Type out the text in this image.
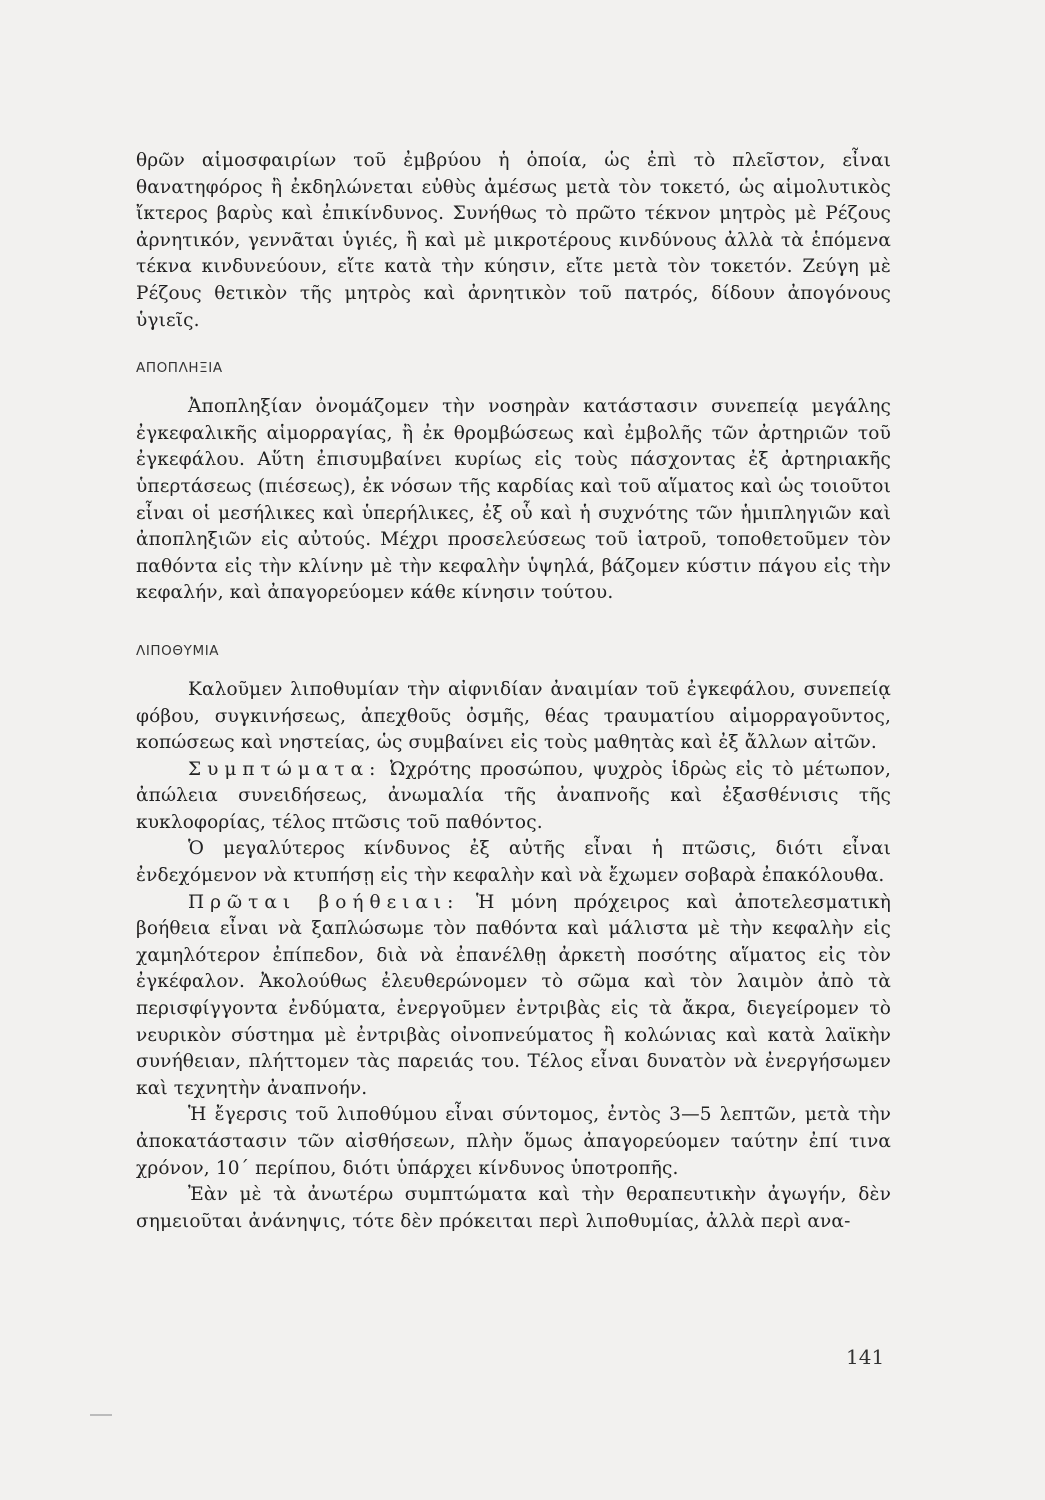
θρῶν αἱμοσφαιρίων τοῦ ἐμβρύου ἡ ὁποία, ὡς ἐπὶ τὸ πλεῖστον, εἶναι θανατηφόρος ἢ ἐκδηλώνεται εὐθὺς ἀμέσως μετὰ τὸν τοκετό, ὡς αἱμολυτικὸς ἴκτερος βαρὺς καὶ ἐπικίνδυνος. Συνήθως τὸ πρῶτο τέκνον μητρὸς μὲ Ρέζους ἀρνητικόν, γεννᾶται ὑγιές, ἢ καὶ μὲ μικροτέρους κινδύνους ἀλλὰ τὰ ἑπόμενα τέκνα κινδυνεύουν, εἴτε κατὰ τὴν κύησιν, εἴτε μετὰ τὸν τοκετόν. Ζεύγη μὲ Ρέζους θετικὸν τῆς μητρὸς καὶ ἀρνητικὸν τοῦ πατρός, δίδουν ἀπογόνους ὑγιεῖς.

ΑΠΟΠΛΗΞΙΑ

Ἀποπληξίαν ὀνομάζομεν τὴν νοσηρὰν κατάστασιν συνεπείᾳ μεγάλης ἐγκεφαλικῆς αἱμορραγίας, ἢ ἐκ θρομβώσεως καὶ ἐμβολῆς τῶν ἀρτηριῶν τοῦ ἐγκεφάλου. Αὕτη ἐπισυμβαίνει κυρίως εἰς τοὺς πάσχοντας ἐξ ἀρτηριακῆς ὑπερτάσεως (πιέσεως), ἐκ νόσων τῆς καρδίας καὶ τοῦ αἵματος καὶ ὡς τοιοῦτοι εἶναι οἱ μεσήλικες καὶ ὑπερήλικες, ἐξ οὗ καὶ ἡ συχνότης τῶν ἡμιπληγιῶν καὶ ἀποπληξιῶν εἰς αὐτούς. Μέχρι προσελεύσεως τοῦ ἰατροῦ, τοποθετοῦμεν τὸν παθόντα εἰς τὴν κλίνην μὲ τὴν κεφαλὴν ὑψηλά, βάζομεν κύστιν πάγου εἰς τὴν κεφαλήν, καὶ ἀπαγορεύομεν κάθε κίνησιν τούτου.

ΛΙΠΟΘΥΜΙΑ

Καλοῦμεν λιποθυμίαν τὴν αἰφνιδίαν ἀναιμίαν τοῦ ἐγκεφάλου, συνεπείᾳ φόβου, συγκινήσεως, ἀπεχθοῦς ὀσμῆς, θέας τραυματίου αἱμορραγοῦντος, κοπώσεως καὶ νηστείας, ὡς συμβαίνει εἰς τοὺς μαθητὰς καὶ ἐξ ἄλλων αἰτῶν.

Συμπτώματα: Ὠχρότης προσώπου, ψυχρὸς ἱδρὼς εἰς τὸ μέτωπον, ἀπώλεια συνειδήσεως, ἀνωμαλία τῆς ἀναπνοῆς καὶ ἐξασθένισις τῆς κυκλοφορίας, τέλος πτῶσις τοῦ παθόντος.

Ὁ μεγαλύτερος κίνδυνος ἐξ αὐτῆς εἶναι ἡ πτῶσις, διότι εἶναι ἐνδεχόμενον νὰ κτυπήσῃ εἰς τὴν κεφαλὴν καὶ νὰ ἔχωμεν σοβαρὰ ἐπακόλουθα.

Πρῶται βοήθειαι: Ἡ μόνη πρόχειρος καὶ ἀποτελεσματικὴ βοήθεια εἶναι νὰ ξαπλώσωμε τὸν παθόντα καὶ μάλιστα μὲ τὴν κεφαλὴν εἰς χαμηλότερον ἐπίπεδον, διὰ νὰ ἐπανέλθῃ ἀρκετὴ ποσότης αἵματος εἰς τὸν ἐγκέφαλον. Ἀκολούθως ἐλευθερώνομεν τὸ σῶμα καὶ τὸν λαιμὸν ἀπὸ τὰ περισφίγγοντα ἐνδύματα, ἐνεργοῦμεν ἐντριβὰς εἰς τὰ ἄκρα, διεγείρομεν τὸ νευρικὸν σύστημα μὲ ἐντριβὰς οἰνοπνεύματος ἢ κολώνιας καὶ κατὰ λαϊκὴν συνήθειαν, πλήττομεν τὰς παρειάς του. Τέλος εἶναι δυνατὸν νὰ ἐνεργήσωμεν καὶ τεχνητὴν ἀναπνοήν.

Ἡ ἔγερσις τοῦ λιποθύμου εἶναι σύντομος, ἐντὸς 3—5 λεπτῶν, μετὰ τὴν ἀποκατάστασιν τῶν αἰσθήσεων, πλὴν ὅμως ἀπαγορεύομεν ταύτην ἐπί τινα χρόνον, 10΄ περίπου, διότι ὑπάρχει κίνδυνος ὑποτροπῆς.

Ἐὰν μὲ τὰ ἀνωτέρω συμπτώματα καὶ τὴν θεραπευτικὴν ἀγωγήν, δὲν σημειοῦται ἀνάνηψις, τότε δὲν πρόκειται περὶ λιποθυμίας, ἀλλὰ περὶ ανα-

141
